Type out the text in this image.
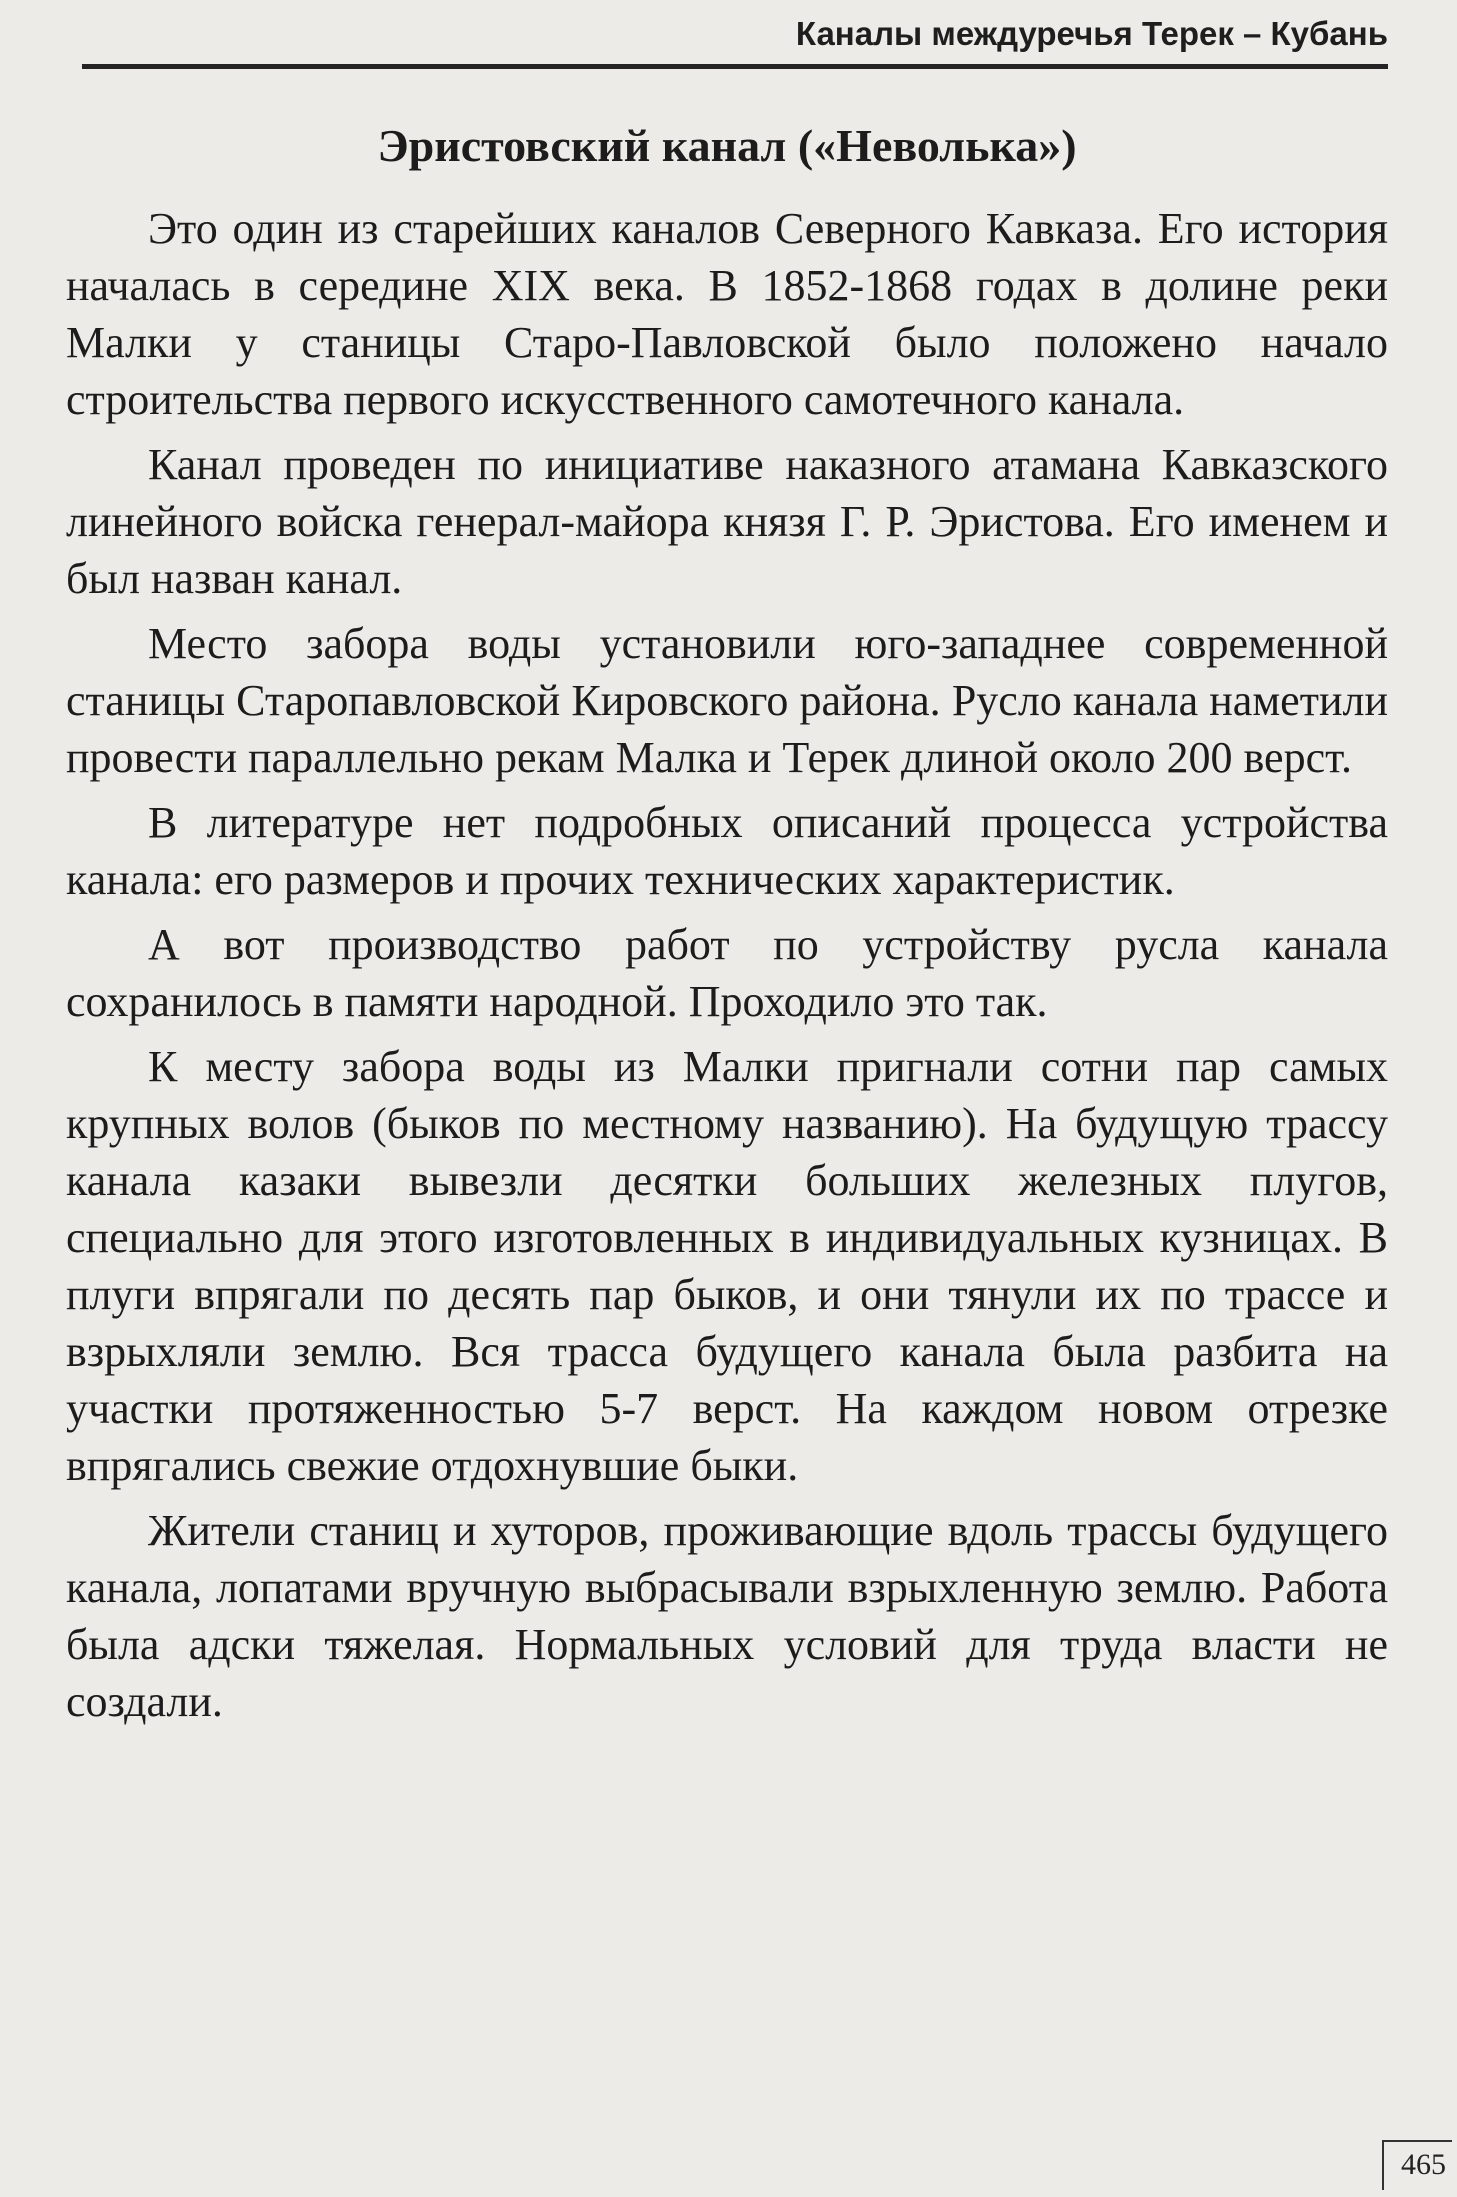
Каналы междуречья Терек – Кубань
Эристовский канал («Неволька»)

Это один из старейших каналов Северного Кавказа. Его история началась в середине XIX века. В 1852-1868 годах в долине реки Малки у станицы Старо-Павловской было положено начало строительства первого искусственного самотечного канала.

Канал проведен по инициативе наказного атамана Кавказского линейного войска генерал-майора князя Г. Р. Эристова. Его именем и был назван канал.

Место забора воды установили юго-западнее современной станицы Старопавловской Кировского района. Русло канала наметили провести параллельно рекам Малка и Терек длиной около 200 верст.

В литературе нет подробных описаний процесса устройства канала: его размеров и прочих технических характеристик.

А вот производство работ по устройству русла канала сохранилось в памяти народной. Проходило это так.

К месту забора воды из Малки пригнали сотни пар самых крупных волов (быков по местному названию). На будущую трассу канала казаки вывезли десятки больших железных плугов, специально для этого изготовленных в индивидуальных кузницах. В плуги впрягали по десять пар быков, и они тянули их по трассе и взрыхляли землю. Вся трасса будущего канала была разбита на участки протяженностью 5-7 верст. На каждом новом отрезке впрягались свежие отдохнувшие быки.

Жители станиц и хуторов, проживающие вдоль трассы будущего канала, лопатами вручную выбрасывали взрыхленную землю. Работа была адски тяжелая. Нормальных условий для труда власти не создали.

465
